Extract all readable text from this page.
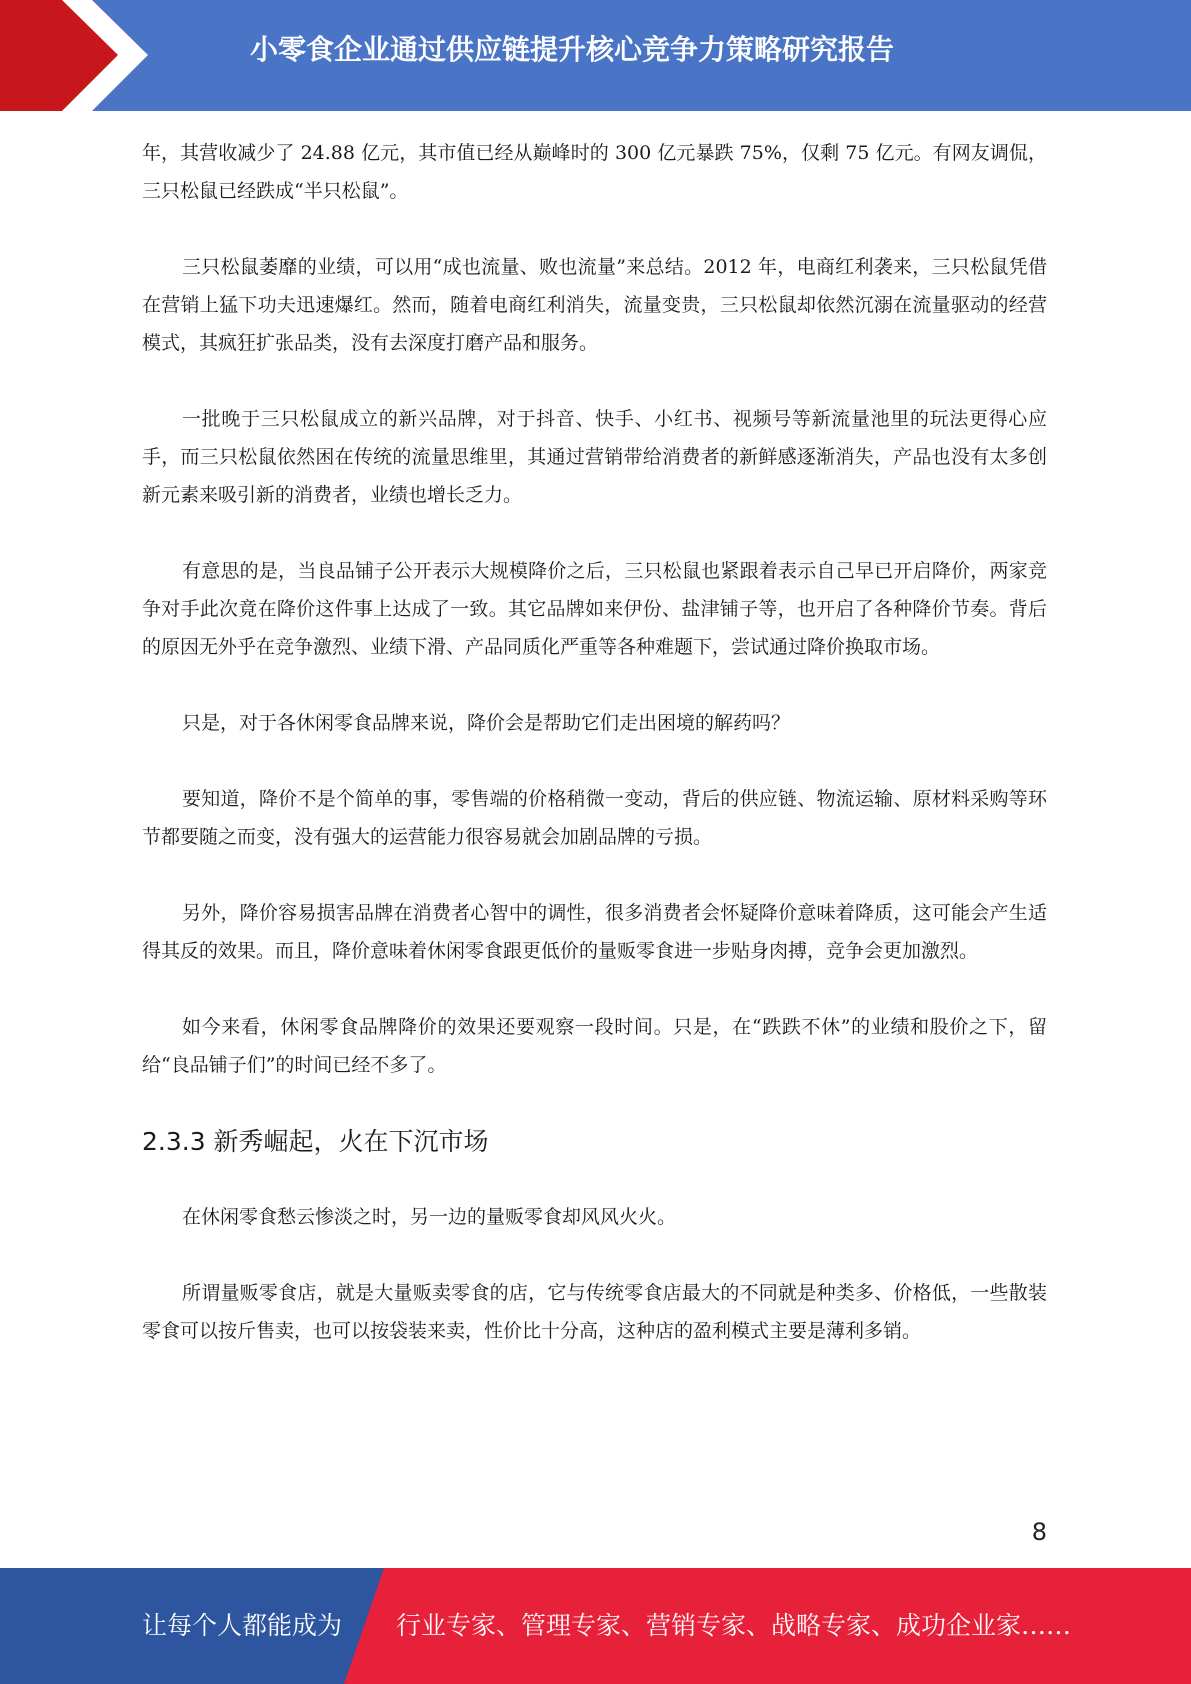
小零食企业通过供应链提升核心竞争力策略研究报告

年，其营收减少了 24.88 亿元，其市值已经从巅峰时的 300 亿元暴跌 75%，仅剩 75 亿元。有网友调侃，三只松鼠已经跌成“半只松鼠”。

三只松鼠萎靡的业绩，可以用“成也流量、败也流量”来总结。2012 年，电商红利袭来，三只松鼠凭借在营销上猛下功夫迅速爆红。然而，随着电商红利消失，流量变贵，三只松鼠却依然沉溺在流量驱动的经营模式，其疯狂扩张品类，没有去深度打磨产品和服务。

一批晚于三只松鼠成立的新兴品牌，对于抖音、快手、小红书、视频号等新流量池里的玩法更得心应手，而三只松鼠依然困在传统的流量思维里，其通过营销带给消费者的新鲜感逐渐消失，产品也没有太多创新元素来吸引新的消费者，业绩也增长乏力。

有意思的是，当良品铺子公开表示大规模降价之后，三只松鼠也紧跟着表示自己早已开启降价，两家竞争对手此次竟在降价这件事上达成了一致。其它品牌如来伊份、盐津铺子等，也开启了各种降价节奏。背后的原因无外乎在竞争激烈、业绩下滑、产品同质化严重等各种难题下，尝试通过降价换取市场。

只是，对于各休闲零食品牌来说，降价会是帮助它们走出困境的解药吗？

要知道，降价不是个简单的事，零售端的价格稍微一变动，背后的供应链、物流运输、原材料采购等环节都要随之而变，没有强大的运营能力很容易就会加剧品牌的亏损。

另外，降价容易损害品牌在消费者心智中的调性，很多消费者会怀疑降价意味着降质，这可能会产生适得其反的效果。而且，降价意味着休闲零食跟更低价的量贩零食进一步贴身肉搏，竞争会更加激烈。

如今来看，休闲零食品牌降价的效果还要观察一段时间。只是，在“跌跌不休”的业绩和股价之下，留给“良品铺子们”的时间已经不多了。

2.3.3 新秀崛起，火在下沉市场

在休闲零食愁云惨淡之时，另一边的量贩零食却风风火火。

所谓量贩零食店，就是大量贩卖零食的店，它与传统零食店最大的不同就是种类多、价格低，一些散装零食可以按斤售卖，也可以按袋装来卖，性价比十分高，这种店的盈利模式主要是薄利多销。

8
让每个人都能成为 行业专家、管理专家、营销专家、战略专家、成功企业家……
